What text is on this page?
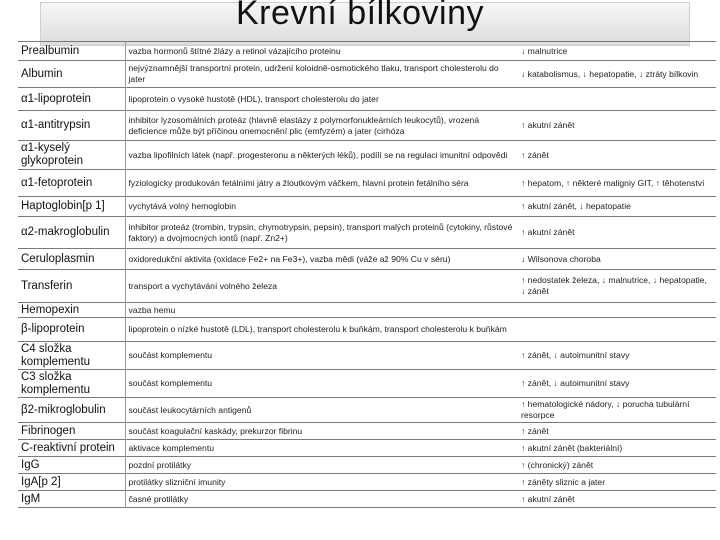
Krevní bílkoviny
Prealbumin	vazba hormonů štítné žlázy a retinol vázajícího proteinu	↓ malnutrice
Albumin	nejvýznamnější transportní protein, udržení koloidně-osmotického tlaku, transport cholesterolu do jater	↓ katabolismus, ↓ hepatopatie, ↓ ztráty bílkovin
α1-lipoprotein	lipoprotein o vysoké hustotě (HDL), transport cholesterolu do jater	
α1-antitrypsin	inhibitor lyzosomálních proteáz (hlavně elastázy z polymorfonukleárních leukocytů), vrozená deficience může být příčinou onemocnění plic (emfyzém) a jater (cirhóza	↑ akutní zánět
α1-kyselý glykoprotein	vazba lipofilních látek (např. progesteronu a některých léků), podílí se na regulaci imunitní odpovědi	↑ zánět
α1-fetoprotein	fyziologicky produkován fetálními játry a žloutkovým váčkem, hlavní protein fetálního séra	↑ hepatom, ↑ některé maligniy GIT, ↑ těhotenství
Haptoglobin[p 1]	vychytává volný hemoglobin	↑ akutní zánět, ↓ hepatopatie
α2-makroglobulin	inhibitor proteáz (trombin, trypsin, chymotrypsin, pepsin), transport malých proteinů (cytokiny, růstové faktory) a dvojmocných iontů (např. Zn2+)	↑ akutní zánět
Ceruloplasmin	oxidoredukční aktivita (oxidace Fe2+ na Fe3+), vazba mědi (váže až 90% Cu v séru)	↓ Wilsonova choroba
Transferin	transport a vychytávání volného železa	↑ nedostatek železa, ↓ malnutrice, ↓ hepatopatie, ↓ zánět
Hemopexin	vazba hemu	
β-lipoprotein	lipoprotein o nízké hustotě (LDL), transport cholesterolu k buňkám, transport cholesterolu k buňkám	
C4 složka komplementu	součást komplementu	↑ zánět, ↓ autoimunitní stavy
C3 složka komplementu	součást komplementu	↑ zánět, ↓ autoimunitní stavy
β2-mikroglobulin	součást leukocytárních antigenů	↑ hematologické nádory, ↓ porucha tubulární resorpce
Fibrinogen	součást koagulační kaskády, prekurzor fibrinu	↑ zánět
C-reaktivní protein	aktivace komplementu	↑ akutní zánět (bakteriální)
IgG	pozdní protilátky	↑ (chronický) zánět
IgA[p 2]	protilátky slizniční imunity	↑ záněty sliznic a jater
IgM	časné protilátky	↑ akutní zánět
